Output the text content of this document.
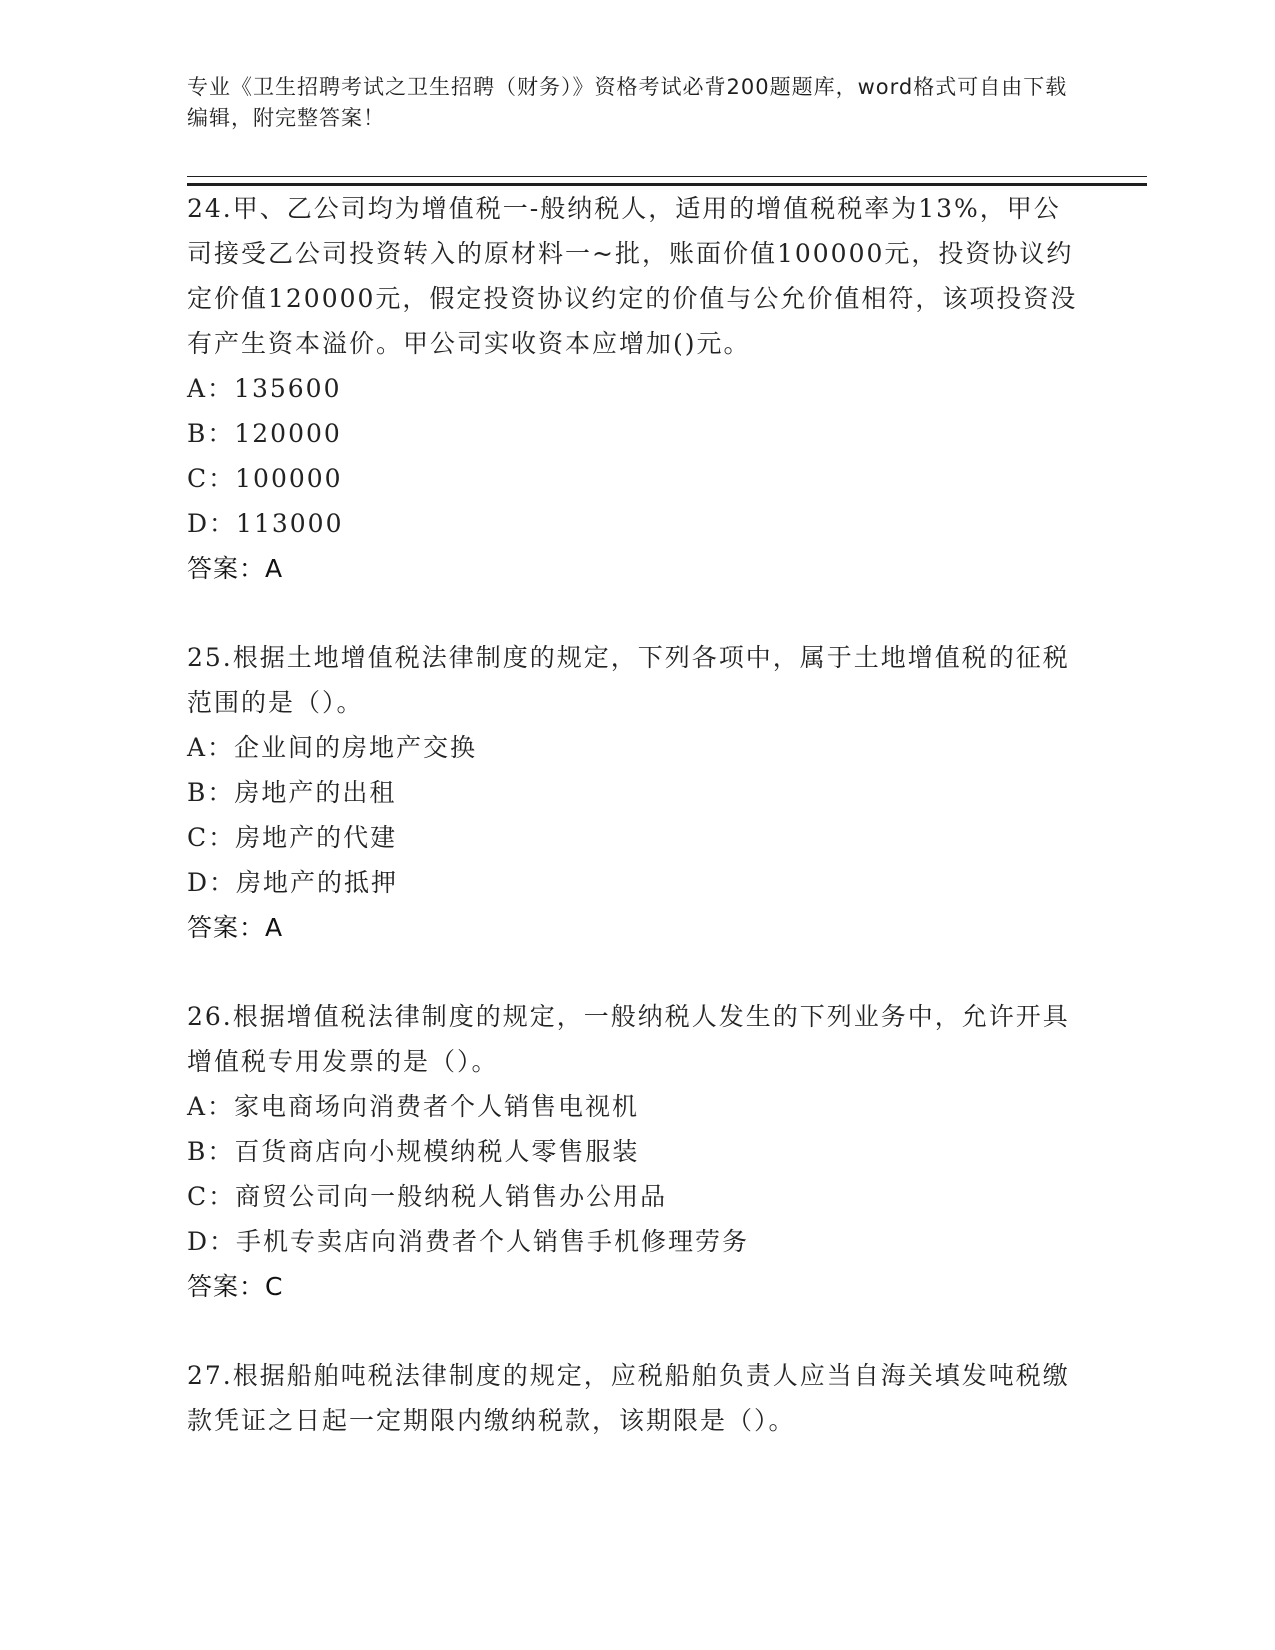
专业《卫生招聘考试之卫生招聘（财务）》资格考试必背200题题库，word格式可自由下载编辑，附完整答案！
24.甲、乙公司均为增值税一-般纳税人，适用的增值税税率为13%，甲公司接受乙公司投资转入的原材料一~批，账面价值100000元，投资协议约定价值120000元，假定投资协议约定的价值与公允价值相符，该项投资没有产生资本溢价。甲公司实收资本应增加()元。
A：135600
B：120000
C：100000
D：113000
答案：A
25.根据土地增值税法律制度的规定，下列各项中，属于土地增值税的征税范围的是（）。
A：企业间的房地产交换
B：房地产的出租
C：房地产的代建
D：房地产的抵押
答案：A
26.根据增值税法律制度的规定，一般纳税人发生的下列业务中，允许开具增值税专用发票的是（）。
A：家电商场向消费者个人销售电视机
B：百货商店向小规模纳税人零售服装
C：商贸公司向一般纳税人销售办公用品
D：手机专卖店向消费者个人销售手机修理劳务
答案：C
27.根据船舶吨税法律制度的规定，应税船舶负责人应当自海关填发吨税缴款凭证之日起一定期限内缴纳税款，该期限是（）。
